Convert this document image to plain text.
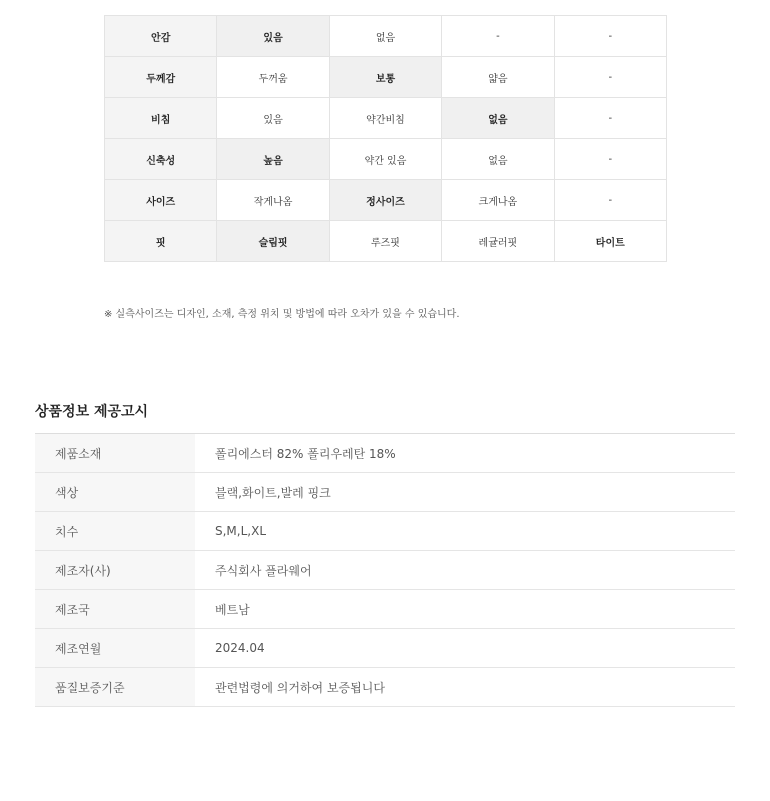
안감	있음	없음	-	-
두께감	두꺼움	보통	얇음	-
비침	있음	약간비침	없음	-
신축성	높음	약간 있음	없음	-
사이즈	작게나옴	정사이즈	크게나옴	-
핏	슬림핏	루즈핏	레귤러핏	타이트
※ 실측사이즈는 디자인, 소재, 측정 위치 및 방법에 따라 오차가 있을 수 있습니다.
상품정보 제공고시
제품소재	폴리에스터 82% 폴리우레탄 18%
색상	블랙,화이트,발레 핑크
치수	S,M,L,XL
제조자(사)	주식회사 플라웨어
제조국	베트남
제조연월	2024.04
품질보증기준	관련법령에 의거하여 보증됩니다
